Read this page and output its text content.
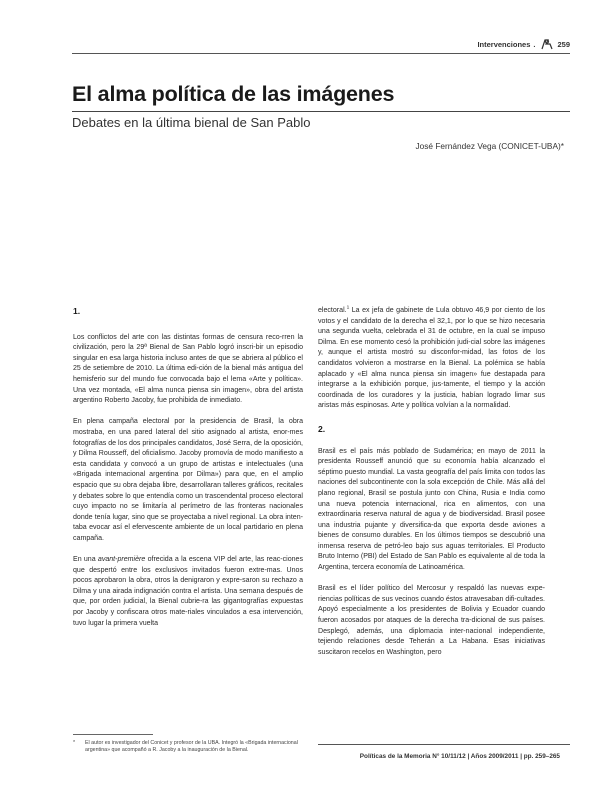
Intervenciones .	259
El alma política de las imágenes
Debates en la última bienal de San Pablo
José Fernández Vega (CONICET-UBA)*
1.

Los conflictos del arte con las distintas formas de censura reco-rren la civilización, pero la 29ª Bienal de San Pablo logró inscri-bir un episodio singular en esa larga historia incluso antes de que se abriera al público el 25 de setiembre de 2010. La última edi-ción de la bienal más antigua del hemisferio sur del mundo fue convocada bajo el lema «Arte y política». Una vez montada, «El alma nunca piensa sin imagen», obra del artista argentino Roberto Jacoby, fue prohibida de inmediato.

En plena campaña electoral por la presidencia de Brasil, la obra mostraba, en una pared lateral del sitio asignado al artista, enor-mes fotografías de los dos principales candidatos, José Serra, de la oposición, y Dilma Rousseff, del oficialismo. Jacoby promovía de modo manifiesto a esta candidata y convocó a un grupo de artistas e intelectuales (una «Brigada internacional argentina por Dilma») para que, en el amplio espacio que su obra dejaba libre, desarrollaran talleres gráficos, recitales y debates sobre lo que entendía como un trascendental proceso electoral cuyo impacto no se limitaría al perímetro de las fronteras nacionales donde tenía lugar, sino que se proyectaba a nivel regional. La obra inten-taba evocar así el efervescente ambiente de un local partidario en plena campaña.

En una avant-première ofrecida a la escena VIP del arte, las reac-ciones que despertó entre los exclusivos invitados fueron extre-mas. Unos pocos aprobaron la obra, otros la denigraron y expre-saron su rechazo a Dilma y una airada indignación contra el artista. Una semana después de que, por orden judicial, la Bienal cubrie-ra las gigantografías expuestas por Jacoby y confiscara otros mate-riales vinculados a esa intervención, tuvo lugar la primera vuelta

electoral.$^1$ La ex jefa de gabinete de Lula obtuvo 46,9 por ciento de los votos y el candidato de la derecha el 32,1, por lo que se hizo necesaria una segunda vuelta, celebrada el 31 de octubre, en la cual se impuso Dilma. En ese momento cesó la prohibición judi-cial sobre las imágenes y, aunque el artista mostró su disconfor-midad, las fotos de los candidatos volvieron a mostrarse en la Bienal. La polémica se había aplacado y «El alma nunca piensa sin imagen» fue destapada para integrarse a la exhibición porque, jus-tamente, el tiempo y la acción coordinada de los curadores y la justicia, habían logrado limar sus aristas más espinosas. Arte y política volvían a la normalidad.

2.

Brasil es el país más poblado de Sudamérica; en mayo de 2011 la presidenta Rousseff anunció que su economía había alcanzado el séptimo puesto mundial. La vasta geografía del país limita con todos las naciones del subcontinente con la sola excepción de Chile. Más allá del plano regional, Brasil se postula junto con China, Rusia e India como una nueva potencia internacional, rica en alimentos, con una extraordinaria reserva natural de agua y de biodiversidad. Brasil posee una industria pujante y diversifica-da que exporta desde aviones a bienes de consumo durables. En los últimos tiempos se descubrió una inmensa reserva de petró-leo bajo sus aguas territoriales. El Producto Bruto Interno (PBI) del Estado de San Pablo es equivalente al de toda la Argentina, tercera economía de Latinoamérica.

Brasil es el líder político del Mercosur y respaldó las nuevas expe-riencias políticas de sus vecinos cuando éstos atravesaban difi-cultades. Apoyó especialmente a los presidentes de Bolivia y Ecuador cuando fueron acosados por ataques de la derecha tra-dicional de sus países. Desplegó, además, una diplomacia inter-nacional independiente, tejiendo relaciones desde Teherán a La Habana. Esas iniciativas suscitaron recelos en Washington, pero

*	El autor es investigador del Conicet y profesor de la UBA. Integró la «Brigada internacional argentina» que acompañó a R. Jacoby a la inauguración de la Bienal.
Políticas de la Memoria N° 10/11/12 | Años 2009/2011 | pp. 259–265
